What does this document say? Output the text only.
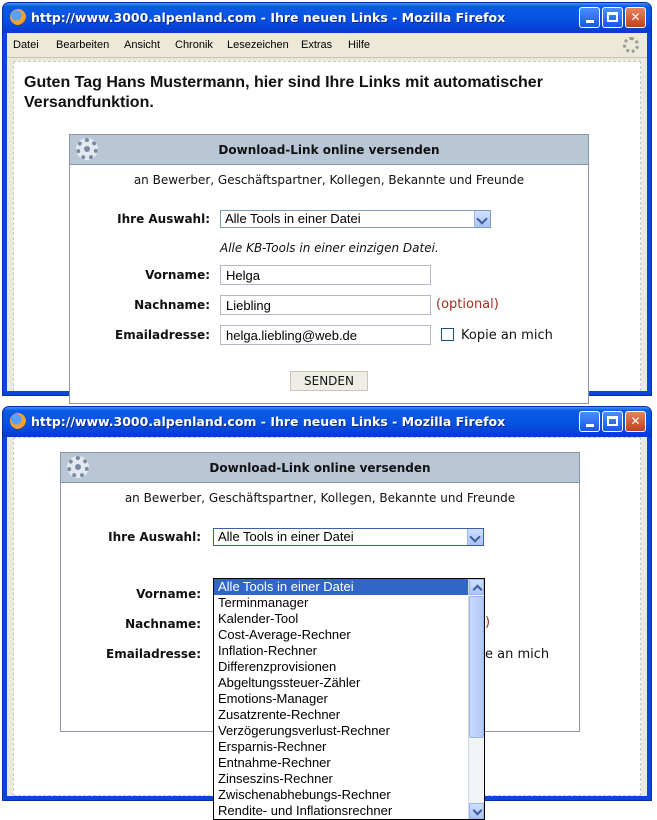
http://www.3000.alpenland.com - Ihre neuen Links - Mozilla Firefox	✕
Datei Bearbeiten Ansicht Chronik Lesezeichen Extras Hilfe
Guten Tag Hans Mustermann, hier sind Ihre Links mit automatischer Versandfunktion.
Download-Link online versenden
an Bewerber, Geschäftspartner, Kollegen, Bekannte und Freunde
Ihre Auswahl:	Alle Tools in einer Datei
Alle KB-Tools in einer einzigen Datei.
Vorname:	Helga
Nachname:	Liebling	(optional)
Emailadresse:	helga.liebling@web.de	Kopie an mich
SENDEN
http://www.3000.alpenland.com - Ihre neuen Links - Mozilla Firefox	✕
Download-Link online versenden
an Bewerber, Geschäftspartner, Kollegen, Bekannte und Freunde
Ihre Auswahl:	Alle Tools in einer Datei
Vorname:
Nachname:	)
Emailadresse:	e an mich
Alle Tools in einer Datei
Terminmanager
Kalender-Tool
Cost-Average-Rechner
Inflation-Rechner
Differenzprovisionen
Abgeltungssteuer-Zähler
Emotions-Manager
Zusatzrente-Rechner
Verzögerungsverlust-Rechner
Ersparnis-Rechner
Entnahme-Rechner
Zinseszins-Rechner
Zwischenabhebungs-Rechner
Rendite- und Inflationsrechner
